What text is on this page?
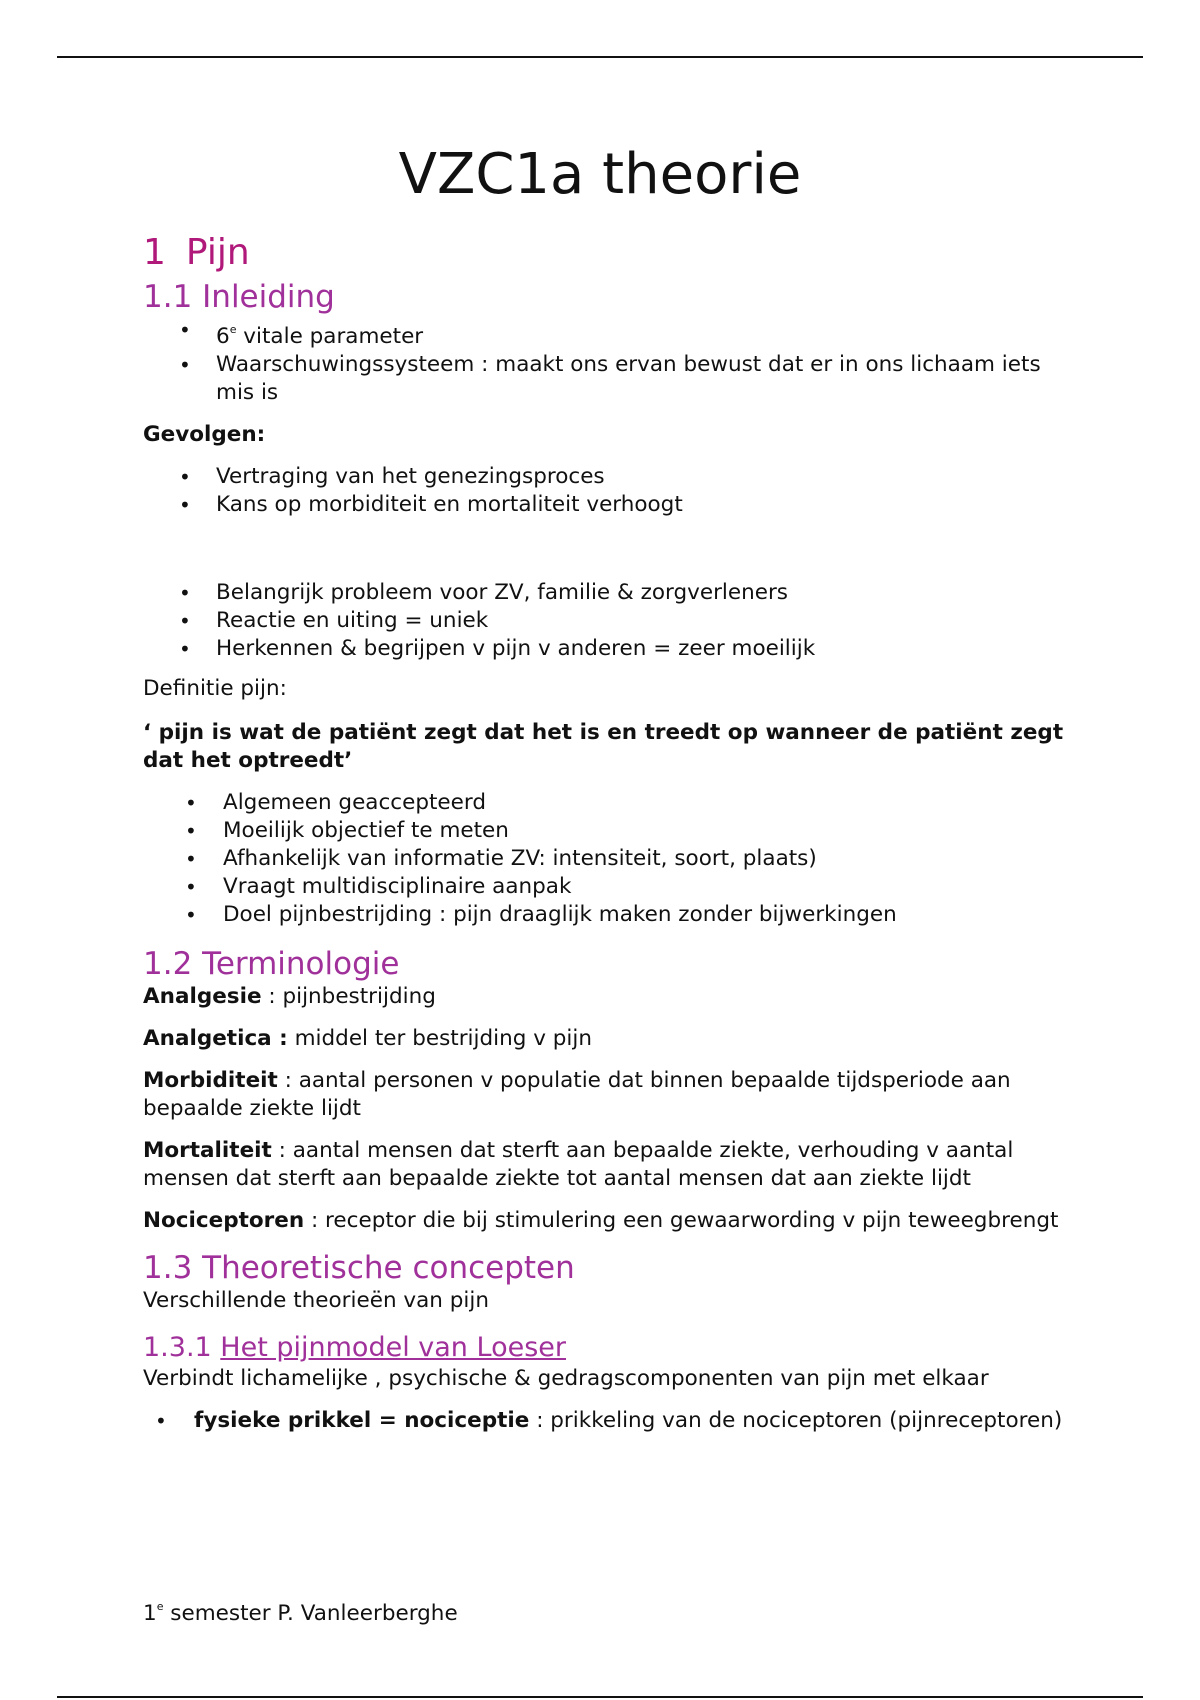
VZC1a theorie
1 Pijn
1.1 Inleiding
• 6e vitale parameter
• Waarschuwingssysteem : maakt ons ervan bewust dat er in ons lichaam iets mis is

Gevolgen:

• Vertraging van het genezingsproces
• Kans op morbiditeit en mortaliteit verhoogt
• Belangrijk probleem voor ZV, familie & zorgverleners
• Reactie en uiting = uniek
• Herkennen & begrijpen v pijn v anderen = zeer moeilijk

Definitie pijn:

‘ pijn is wat de patiënt zegt dat het is en treedt op wanneer de patiënt zegt dat het optreedt’

• Algemeen geaccepteerd
• Moeilijk objectief te meten
• Afhankelijk van informatie ZV: intensiteit, soort, plaats)
• Vraagt multidisciplinaire aanpak
• Doel pijnbestrijding : pijn draaglijk maken zonder bijwerkingen
1.2 Terminologie

Analgesie : pijnbestrijding

Analgetica : middel ter bestrijding v pijn

Morbiditeit : aantal personen v populatie dat binnen bepaalde tijdsperiode aan bepaalde ziekte lijdt

Mortaliteit : aantal mensen dat sterft aan bepaalde ziekte, verhouding v aantal mensen dat sterft aan bepaalde ziekte tot aantal mensen dat aan ziekte lijdt

Nociceptoren : receptor die bij stimulering een gewaarwording v pijn teweegbrengt

1.3 Theoretische concepten

Verschillende theorieën van pijn

1.3.1 Het pijnmodel van Loeser

Verbindt lichamelijke , psychische & gedragscomponenten van pijn met elkaar

• fysieke prikkel = nociceptie : prikkeling van de nociceptoren (pijnreceptoren)
1e semester P. Vanleerberghe
